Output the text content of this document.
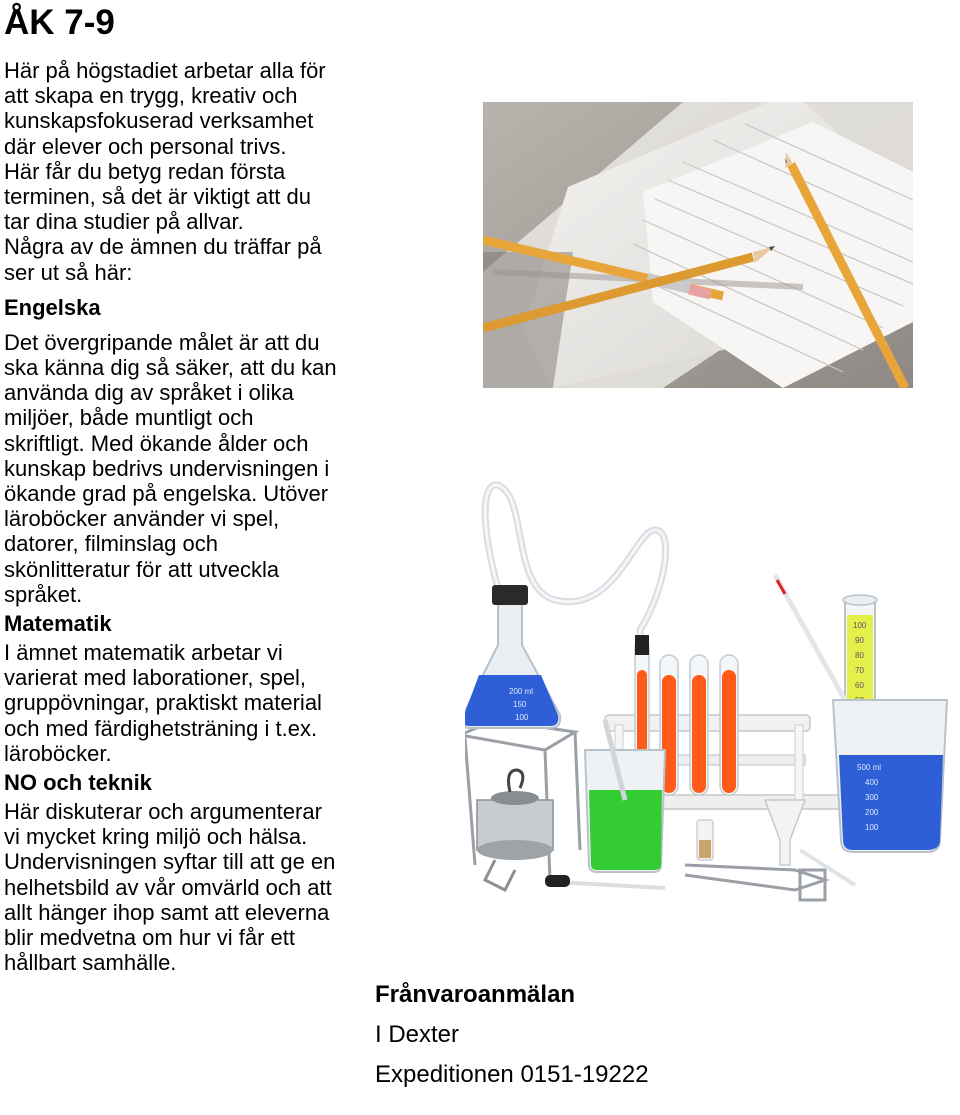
ÅK 7-9

Här på högstadiet arbetar alla för att skapa en trygg, kreativ och kunskapsfokuserad verksamhet där elever och personal trivs.

Här får du betyg redan första terminen, så det är viktigt att du tar dina studier på allvar.

Några av de ämnen du träffar på ser ut så här:

Engelska

Det övergripande målet är att du ska känna dig så säker, att du kan använda dig av språket i olika miljöer, både muntligt och skriftligt. Med ökande ålder och kunskap bedrivs undervisningen i ökande grad på engelska. Utöver läroböcker använder vi spel, datorer, filminslag och skönlitteratur för att utveckla språket.

Matematik

I ämnet matematik arbetar vi varierat med laborationer, spel, gruppövningar, praktiskt material och med färdighetsträning i t.ex. läroböcker.

NO och teknik

Här diskuterar och argumenterar vi mycket kring miljö och hälsa.

Undervisningen syftar till att ge en helhetsbild av vår omvärld och att allt hänger ihop samt att eleverna blir medvetna om hur vi får ett hållbart samhälle.

200 ml
150
100
100
90
80
70
60
500 ml
400
300
200
100

Frånvaroanmälan

I Dexter

Expeditionen 0151-19222
